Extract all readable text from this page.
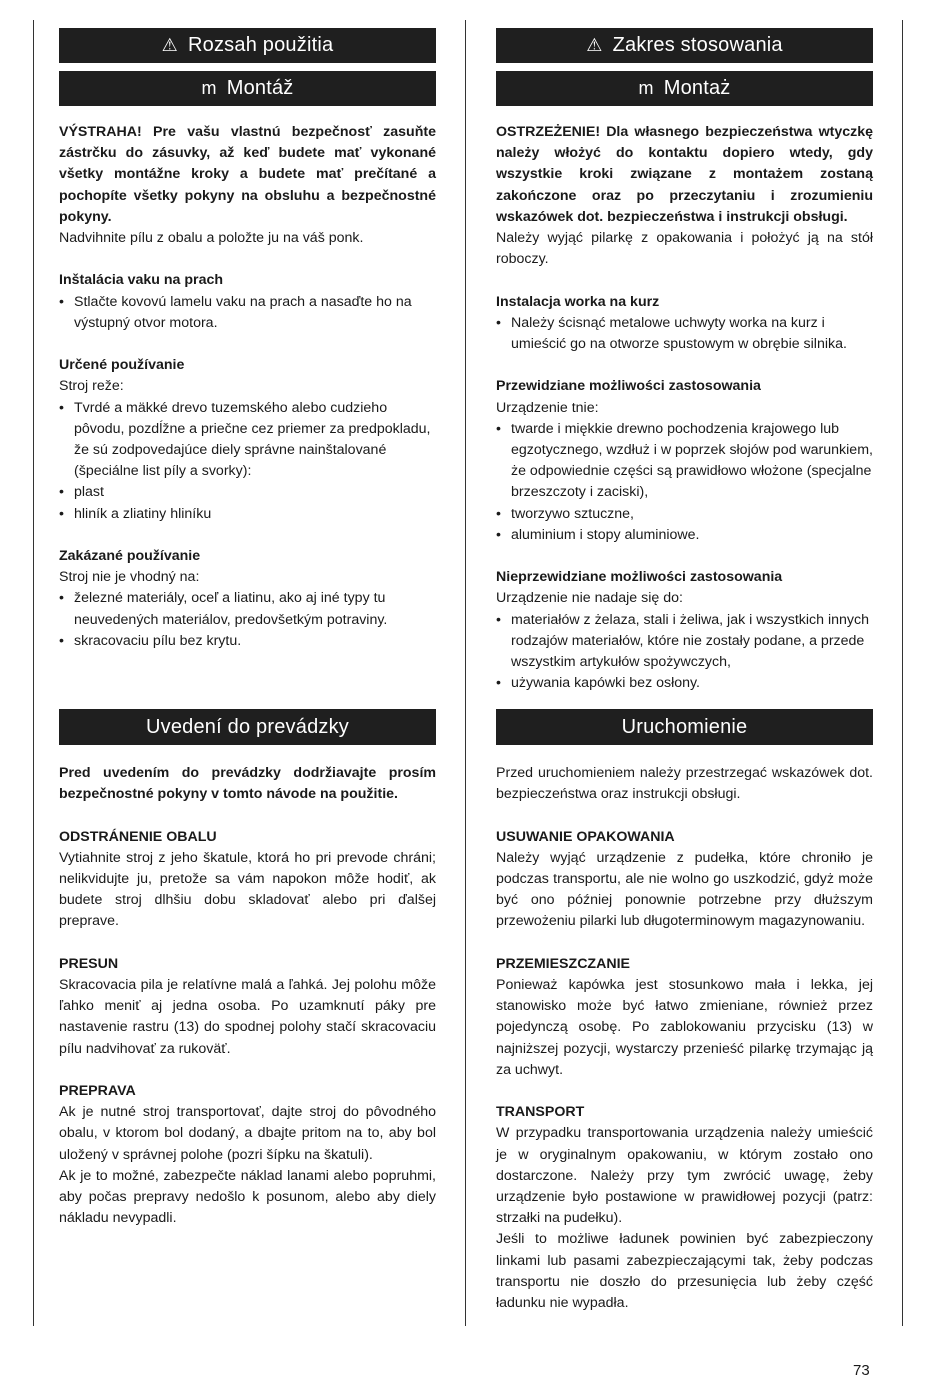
⚠ Rozsah použitia
m Montáž

VÝSTRAHA! Pre vašu vlastnú bezpečnosť zasuňte zástrčku do zásuvky, až keď budete mať vykonané všetky montážne kroky a budete mať prečítané a pochopíte všetky pokyny na obsluhu a bezpečnostné pokyny.

Nadvihnite pílu z obalu a položte ju na váš ponk.

Inštalácia vaku na prach

• Stlačte kovovú lamelu vaku na prach a nasaďte ho na výstupný otvor motora.

Určené používanie

Stroj reže:

• Tvrdé a mäkké drevo tuzemského alebo cudzieho pôvodu, pozdĺžne a priečne cez priemer za predpokladu, že sú zodpovedajúce diely správne nainštalované (špeciálne list píly a svorky):
• plast
• hliník a zliatiny hliníku

Zakázané používanie

Stroj nie je vhodný na:

• železné materiály, oceľ a liatinu, ako aj iné typy tu neuvedených materiálov, predovšetkým potraviny.
• skracovaciu pílu bez krytu.
Uvedení do prevádzky

Pred uvedením do prevádzky dodržiavajte prosím bezpečnostné pokyny v tomto návode na použitie.

ODSTRÁNENIE OBALU

Vytiahnite stroj z jeho škatule, ktorá ho pri prevode chráni; nelikvidujte ju, pretože sa vám napokon môže hodiť, ak budete stroj dlhšiu dobu skladovať alebo pri ďalšej preprave.

PRESUN

Skracovacia pila je relatívne malá a ľahká. Jej polohu môže ľahko meniť aj jedna osoba. Po uzamknutí páky pre nastavenie rastru (13) do spodnej polohy stačí skracovaciu pílu nadvihovať za rukoväť.

PREPRAVA

Ak je nutné stroj transportovať, dajte stroj do pôvodného obalu, v ktorom bol dodaný, a dbajte pritom na to, aby bol uložený v správnej polohe (pozri šípku na škatuli).

Ak je to možné, zabezpečte náklad lanami alebo popruhmi, aby počas prepravy nedošlo k posunom, alebo aby diely nákladu nevypadli.

⚠ Zakres stosowania
m Montaż

OSTRZEŻENIE! Dla własnego bezpieczeństwa wtyczkę należy włożyć do kontaktu dopiero wtedy, gdy wszystkie kroki związane z montażem zostaną zakończone oraz po przeczytaniu i zrozumieniu wskazówek dot. bezpieczeństwa i instrukcji obsługi.

Należy wyjąć pilarkę z opakowania i położyć ją na stół roboczy.

Instalacja worka na kurz

• Należy ścisnąć metalowe uchwyty worka na kurz i umieścić go na otworze spustowym w obrębie silnika.

Przewidziane możliwości zastosowania

Urządzenie tnie:

• twarde i miękkie drewno pochodzenia krajowego lub egzotycznego, wzdłuż i w poprzek słojów pod warunkiem, że odpowiednie części są prawidłowo włożone (specjalne brzeszczoty i zaciski),
• tworzywo sztuczne,
• aluminium i stopy aluminiowe.

Nieprzewidziane możliwości zastosowania

Urządzenie nie nadaje się do:

• materiałów z żelaza, stali i żeliwa, jak i wszystkich innych rodzajów materiałów, które nie zostały podane, a przede wszystkim artykułów spożywczych,
• używania kapówki bez osłony.
Uruchomienie

Przed uruchomieniem należy przestrzegać wskazówek dot. bezpieczeństwa oraz instrukcji obsługi.

USUWANIE OPAKOWANIA

Należy wyjąć urządzenie z pudełka, które chroniło je podczas transportu, ale nie wolno go uszkodzić, gdyż może być ono później ponownie potrzebne przy dłuższym przewożeniu pilarki lub długoterminowym magazynowaniu.

PRZEMIESZCZANIE

Ponieważ kapówka jest stosunkowo mała i lekka, jej stanowisko może być łatwo zmieniane, również przez pojedynczą osobę. Po zablokowaniu przycisku (13) w najniższej pozycji, wystarczy przenieść pilarkę trzymając ją za uchwyt.

TRANSPORT

W przypadku transportowania urządzenia należy umieścić je w oryginalnym opakowaniu, w którym zostało ono dostarczone. Należy przy tym zwrócić uwagę, żeby urządzenie było postawione w prawidłowej pozycji (patrz: strzałki na pudełku).

Jeśli to możliwe ładunek powinien być zabezpieczony linkami lub pasami zabezpieczającymi tak, żeby podczas transportu nie doszło do przesunięcia lub żeby część ładunku nie wypadła.

73
